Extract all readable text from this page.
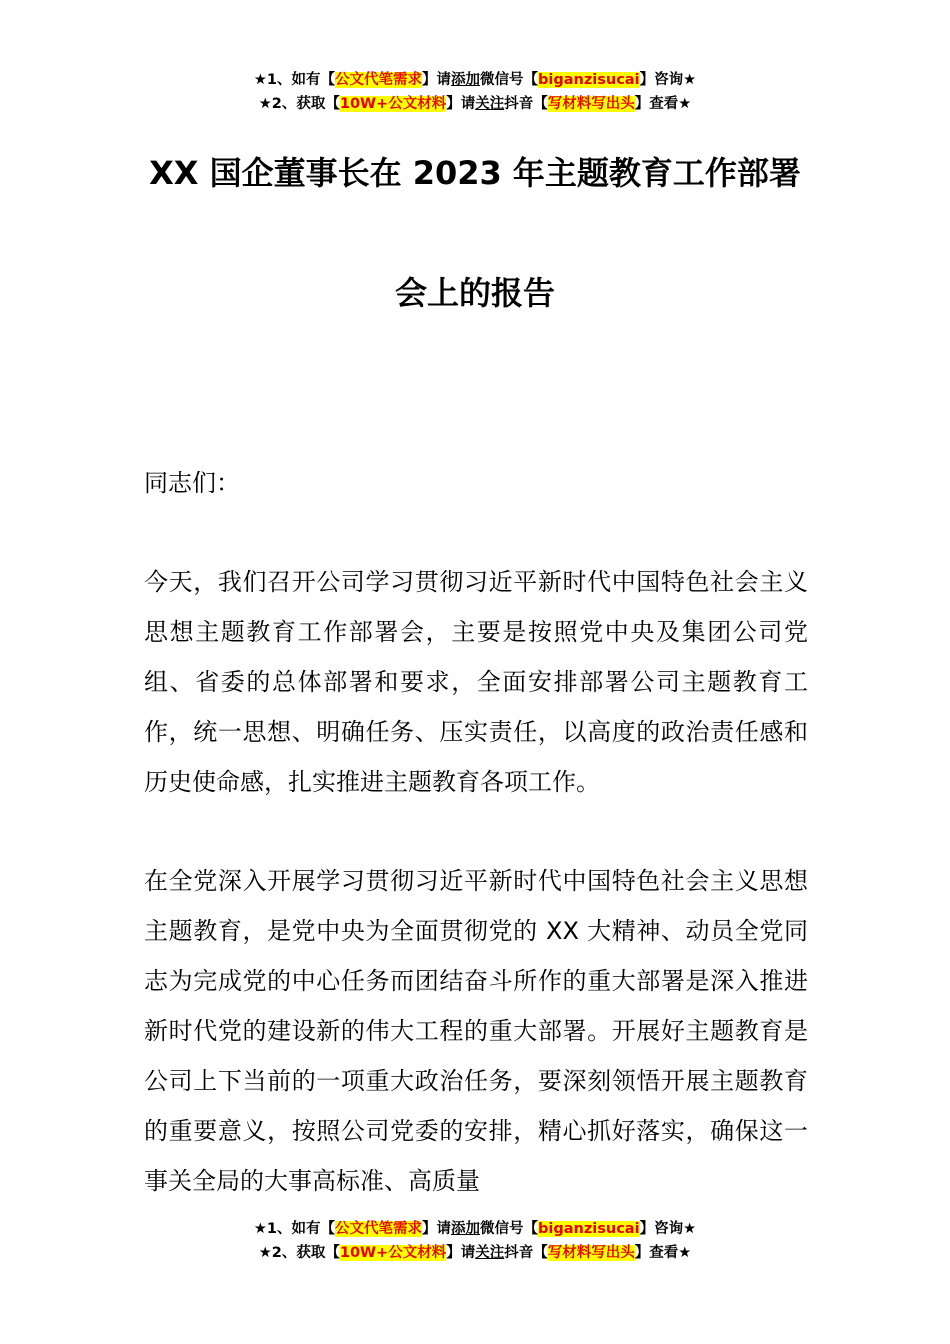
★1、如有【公文代笔需求】请添加微信号【biganzisucai】咨询★
★2、获取【10W+公文材料】请关注抖音【写材料写出头】查看★
XX 国企董事长在 2023 年主题教育工作部署
会上的报告

同志们：

今天，我们召开公司学习贯彻习近平新时代中国特色社会主义思想主题教育工作部署会，主要是按照党中央及集团公司党组、省委的总体部署和要求，全面安排部署公司主题教育工作，统一思想、明确任务、压实责任，以高度的政治责任感和历史使命感，扎实推进主题教育各项工作。

在全党深入开展学习贯彻习近平新时代中国特色社会主义思想主题教育，是党中央为全面贯彻党的 XX 大精神、动员全党同志为完成党的中心任务而团结奋斗所作的重大部署是深入推进新时代党的建设新的伟大工程的重大部署。开展好主题教育是公司上下当前的一项重大政治任务，要深刻领悟开展主题教育的重要意义，按照公司党委的安排，精心抓好落实，确保这一事关全局的大事高标准、高质量

★1、如有【公文代笔需求】请添加微信号【biganzisucai】咨询★
★2、获取【10W+公文材料】请关注抖音【写材料写出头】查看★
